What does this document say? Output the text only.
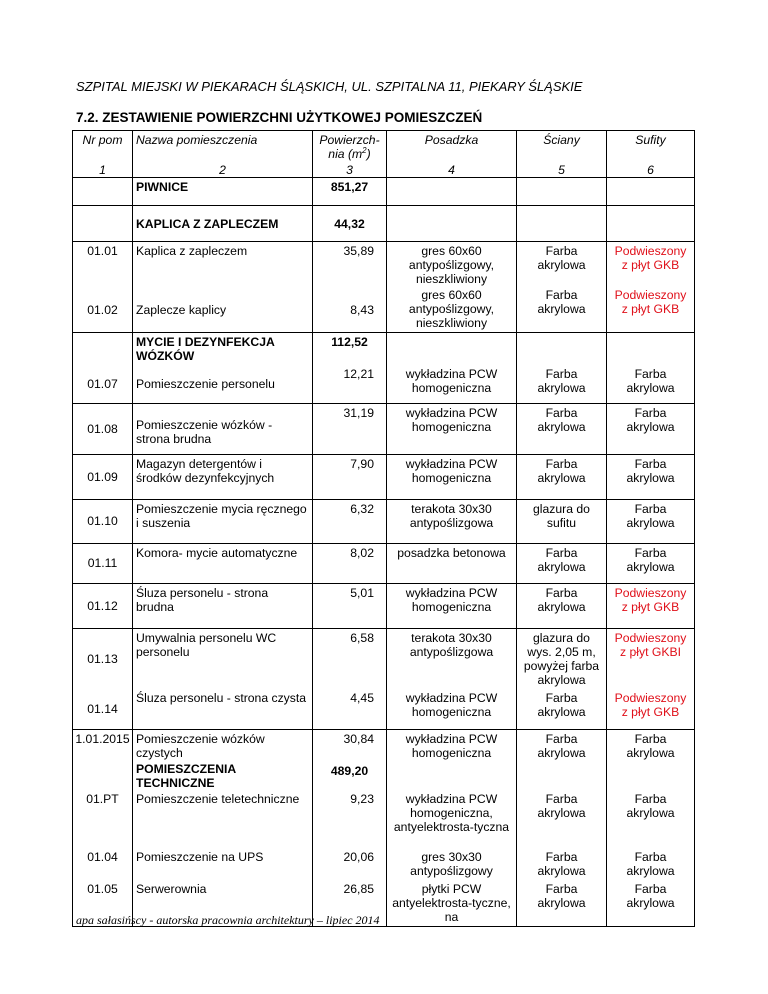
SZPITAL MIEJSKI W PIEKARACH ŚLĄSKICH, UL. SZPITALNA 11, PIEKARY ŚLĄSKIE
7.2. ZESTAWIENIE POWIERZCHNI UŻYTKOWEJ POMIESZCZEŃ
Nr pom	Nazwa pomieszczenia	Powierzch-nia $(m^2)$	Posadzka	Ściany	Sufity
1	2	3	4	5	6
	PIWNICE	851,27			
	KAPLICA Z ZAPLECZEM	44,32			
01.01	Kaplica z zapleczem	35,89	gres 60x60 antypoślizgowy, nieszkliwiony	Farba akrylowa	Podwieszony z płyt GKB
01.02	Zaplecze kaplicy	8,43	gres 60x60 antypoślizgowy, nieszkliwiony	Farba akrylowa	Podwieszony z płyt GKB
	MYCIE I DEZYNFEKCJA WÓZKÓW	112,52			
01.07	Pomieszczenie personelu	12,21	wykładzina PCW homogeniczna	Farba akrylowa	Farba akrylowa
01.08	Pomieszczenie wózków - strona brudna	31,19	wykładzina PCW homogeniczna	Farba akrylowa	Farba akrylowa
01.09	Magazyn detergentów i środków dezynfekcyjnych	7,90	wykładzina PCW homogeniczna	Farba akrylowa	Farba akrylowa
01.10	Pomieszczenie mycia ręcznego i suszenia	6,32	terakota 30x30 antypoślizgowa	glazura do sufitu	Farba akrylowa
01.11	Komora- mycie automatyczne	8,02	posadzka betonowa	Farba akrylowa	Farba akrylowa
01.12	Śluza personelu - strona brudna	5,01	wykładzina PCW homogeniczna	Farba akrylowa	Podwieszony z płyt GKB
01.13	Umywalnia personelu WC personelu	6,58	terakota 30x30 antypoślizgowa	glazura do wys. 2,05 m, powyżej farba akrylowa	Podwieszony z płyt GKBI
01.14	Śluza personelu - strona czysta	4,45	wykładzina PCW homogeniczna	Farba akrylowa	Podwieszony z płyt GKB
1.01.2015	Pomieszczenie wózków czystych	30,84	wykładzina PCW homogeniczna	Farba akrylowa	Farba akrylowa
	POMIESZCZENIA TECHNICZNE	489,20			
01.PT	Pomieszczenie teletechniczne	9,23	wykładzina PCW homogeniczna, antyelektrosta-tyczna	Farba akrylowa	Farba akrylowa
01.04	Pomieszczenie na UPS	20,06	gres 30x30 antypoślizgowy	Farba akrylowa	Farba akrylowa
01.05	Serwerownia	26,85	płytki PCW antyelektrosta-tyczne, na	Farba akrylowa	Farba akrylowa
apa sałasińscy - autorska pracownia architektury – lipiec 2014
